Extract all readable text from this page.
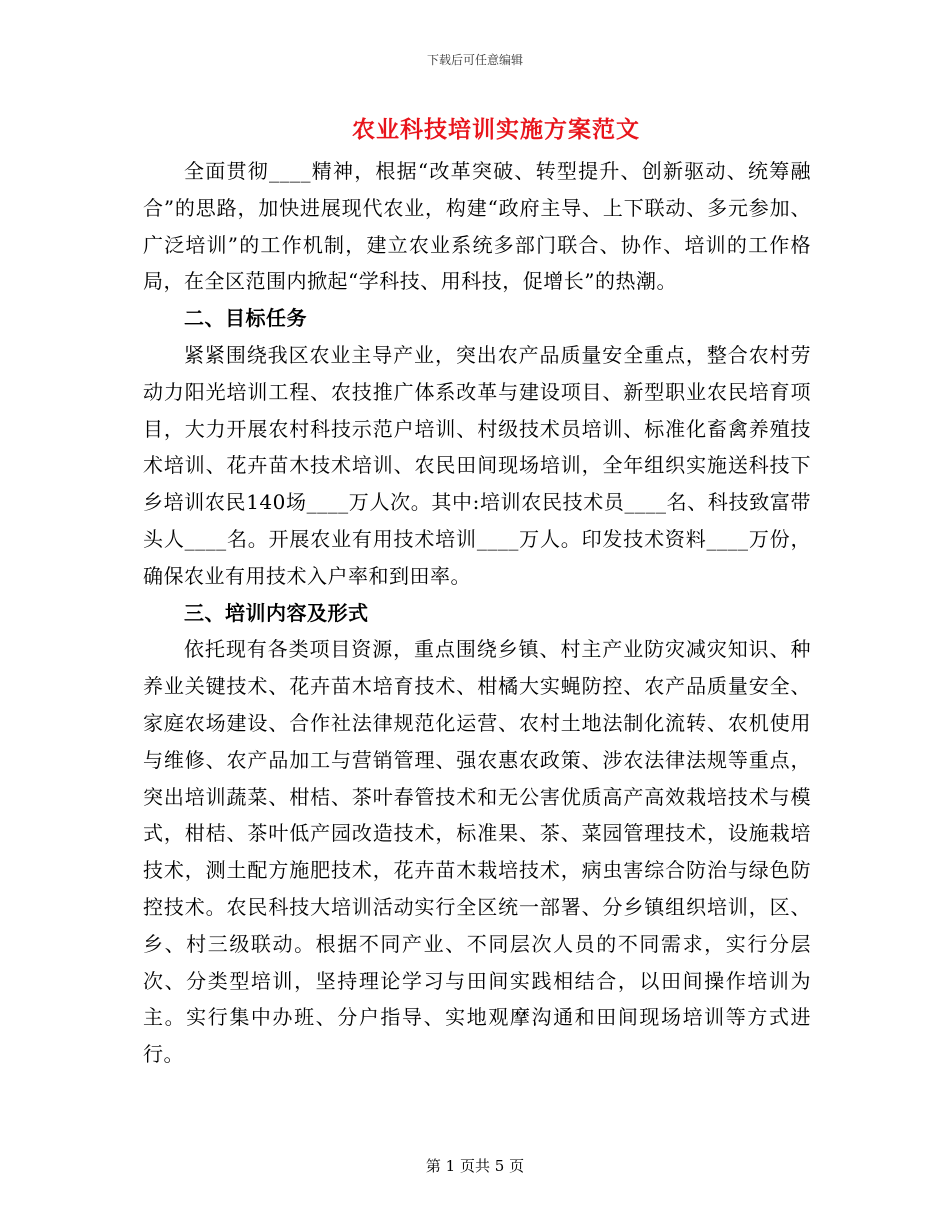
下载后可任意编辑
农业科技培训实施方案范文

全面贯彻____精神，根据“改革突破、转型提升、创新驱动、统筹融合”的思路，加快进展现代农业，构建“政府主导、上下联动、多元参加、广泛培训”的工作机制，建立农业系统多部门联合、协作、培训的工作格局，在全区范围内掀起“学科技、用科技，促增长”的热潮。

二、目标任务

紧紧围绕我区农业主导产业，突出农产品质量安全重点，整合农村劳动力阳光培训工程、农技推广体系改革与建设项目、新型职业农民培育项目，大力开展农村科技示范户培训、村级技术员培训、标准化畜禽养殖技术培训、花卉苗木技术培训、农民田间现场培训，全年组织实施送科技下乡培训农民140场____万人次。其中:培训农民技术员____名、科技致富带头人____名。开展农业有用技术培训____万人。印发技术资料____万份，确保农业有用技术入户率和到田率。

三、培训内容及形式

依托现有各类项目资源，重点围绕乡镇、村主产业防灾减灾知识、种养业关键技术、花卉苗木培育技术、柑橘大实蝇防控、农产品质量安全、家庭农场建设、合作社法律规范化运营、农村土地法制化流转、农机使用与维修、农产品加工与营销管理、强农惠农政策、涉农法律法规等重点，突出培训蔬菜、柑桔、茶叶春管技术和无公害优质高产高效栽培技术与模式，柑桔、茶叶低产园改造技术，标准果、茶、菜园管理技术，设施栽培技术，测土配方施肥技术，花卉苗木栽培技术，病虫害综合防治与绿色防控技术。农民科技大培训活动实行全区统一部署、分乡镇组织培训，区、乡、村三级联动。根据不同产业、不同层次人员的不同需求，实行分层次、分类型培训，坚持理论学习与田间实践相结合，以田间操作培训为主。实行集中办班、分户指导、实地观摩沟通和田间现场培训等方式进行。

第 1 页共 5 页
